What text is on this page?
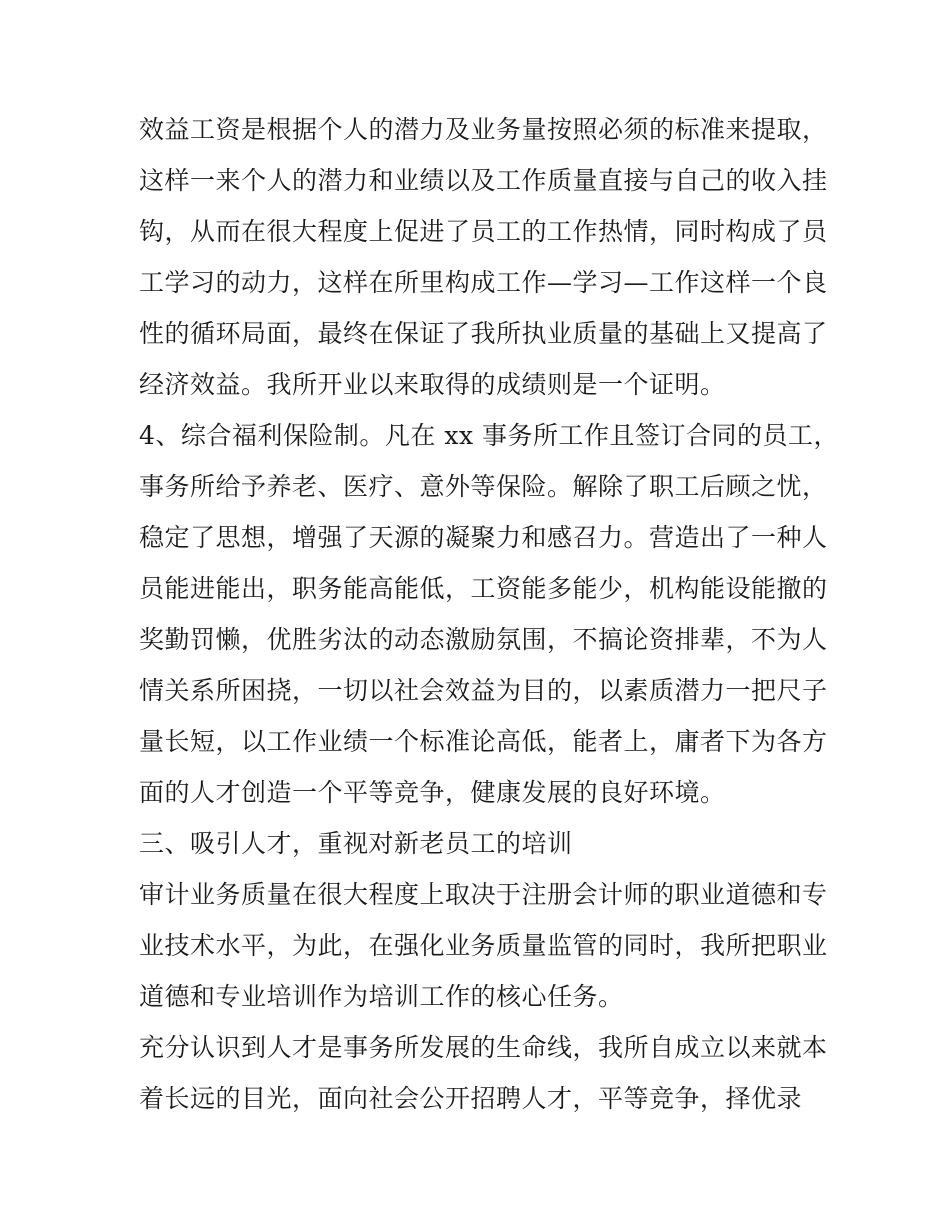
效益工资是根据个人的潜力及业务量按照必须的标准来提取，
这样一来个人的潜力和业绩以及工作质量直接与自己的收入挂
钩，从而在很大程度上促进了员工的工作热情，同时构成了员
工学习的动力，这样在所里构成工作—学习—工作这样一个良
性的循环局面，最终在保证了我所执业质量的基础上又提高了
经济效益。我所开业以来取得的成绩则是一个证明。
4、综合福利保险制。凡在 xx 事务所工作且签订合同的员工，
事务所给予养老、医疗、意外等保险。解除了职工后顾之忧，
稳定了思想，增强了天源的凝聚力和感召力。营造出了一种人
员能进能出，职务能高能低，工资能多能少，机构能设能撤的
奖勤罚懒，优胜劣汰的动态激励氛围，不搞论资排辈，不为人
情关系所困挠，一切以社会效益为目的，以素质潜力一把尺子
量长短，以工作业绩一个标准论高低，能者上，庸者下为各方
面的人才创造一个平等竞争，健康发展的良好环境。
三、吸引人才，重视对新老员工的培训
审计业务质量在很大程度上取决于注册会计师的职业道德和专
业技术水平，为此，在强化业务质量监管的同时，我所把职业
道德和专业培训作为培训工作的核心任务。
充分认识到人才是事务所发展的生命线，我所自成立以来就本
着长远的目光，面向社会公开招聘人才，平等竞争，择优录
